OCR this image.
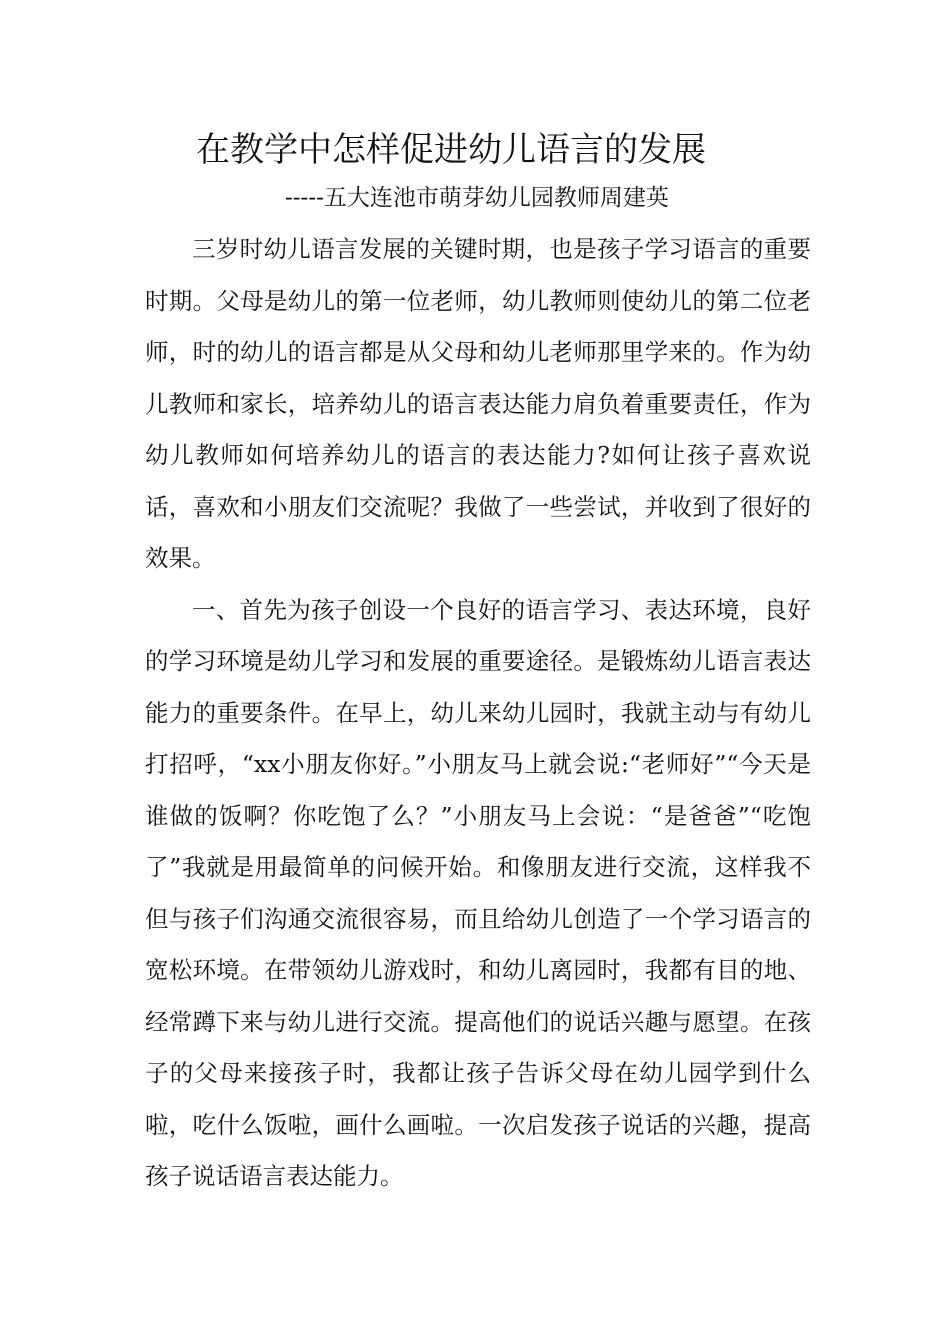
在教学中怎样促进幼儿语言的发展
-----五大连池市萌芽幼儿园教师周建英

三岁时幼儿语言发展的关键时期，也是孩子学习语言的重要时期。父母是幼儿的第一位老师，幼儿教师则使幼儿的第二位老师，时的幼儿的语言都是从父母和幼儿老师那里学来的。作为幼儿教师和家长，培养幼儿的语言表达能力肩负着重要责任，作为幼儿教师如何培养幼儿的语言的表达能力?如何让孩子喜欢说话，喜欢和小朋友们交流呢？我做了一些尝试，并收到了很好的效果。

一、首先为孩子创设一个良好的语言学习、表达环境，良好的学习环境是幼儿学习和发展的重要途径。是锻炼幼儿语言表达能力的重要条件。在早上，幼儿来幼儿园时，我就主动与有幼儿打招呼，“xx小朋友你好。”小朋友马上就会说:“老师好”“今天是谁做的饭啊？你吃饱了么？”小朋友马上会说：“是爸爸”“吃饱了”我就是用最简单的问候开始。和像朋友进行交流，这样我不但与孩子们沟通交流很容易，而且给幼儿创造了一个学习语言的宽松环境。在带领幼儿游戏时，和幼儿离园时，我都有目的地、经常蹲下来与幼儿进行交流。提高他们的说话兴趣与愿望。在孩子的父母来接孩子时，我都让孩子告诉父母在幼儿园学到什么啦，吃什么饭啦，画什么画啦。一次启发孩子说话的兴趣，提高孩子说话语言表达能力。
